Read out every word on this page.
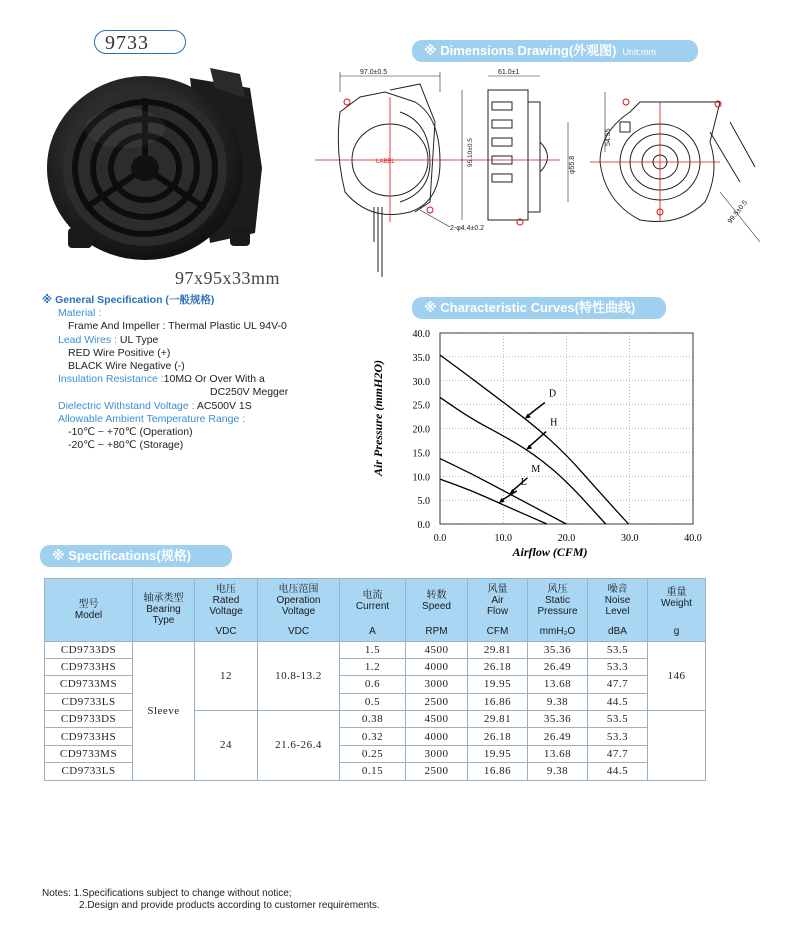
9733
97x95x33mm
※ Dimensions Drawing(外观图) Unit:mm
97.0±0.5	61.0±1
95.10±0.5	φ55.8
54.55
2-φ4.4±0.2
99.5±0.5
LABEL
※ General Specification (一般规格)
Material :
Frame And Impeller : Thermal Plastic UL 94V-0
Lead Wires : UL Type
RED Wire Positive (+)
BLACK Wire Negative (-)
Insulation Resistance :10MΩ Or Over With a
DC250V Megger
Dielectric Withstand Voltage : AC500V 1S
Allowable Ambient Temperature Range :
-10℃ ~ +70℃ (Operation)
-20℃ ~ +80℃ (Storage)
※ Characteristic Curves(特性曲线)
0.0
5.0
10.0
15.0
20.0
25.0
30.0
35.0
40.0
0.0	10.0	20.0	30.0	40.0
D
H
M
L
Air Pressure (mmH2O)
Airflow (CFM)
※ Specifications(规格)
型号
Model	轴承类型
Bearing
Type	电压
Rated
Voltage	电压范围
Operation
Voltage	电流
Current	转数
Speed	风量
Air
Flow	风压
Static
Pressure	噪音
Noise
Level	重量
Weight
		VDC	VDC	A	RPM	CFM	mmH₂O	dBA	g
CD9733DS	Sleeve	12	10.8-13.2	1.5	4500	29.81	35.36	53.5	146
CD9733HS				1.2	4000	26.18	26.49	53.3	
CD9733MS				0.6	3000	19.95	13.68	47.7	
CD9733LS				0.5	2500	16.86	9.38	44.5	
CD9733DS		24	21.6-26.4	0.38	4500	29.81	35.36	53.5	
CD9733HS				0.32	4000	26.18	26.49	53.3	
CD9733MS				0.25	3000	19.95	13.68	47.7	
CD9733LS				0.15	2500	16.86	9.38	44.5	
Notes: 1.Specifications subject to change without notice;
2.Design and provide products according to customer requirements.
